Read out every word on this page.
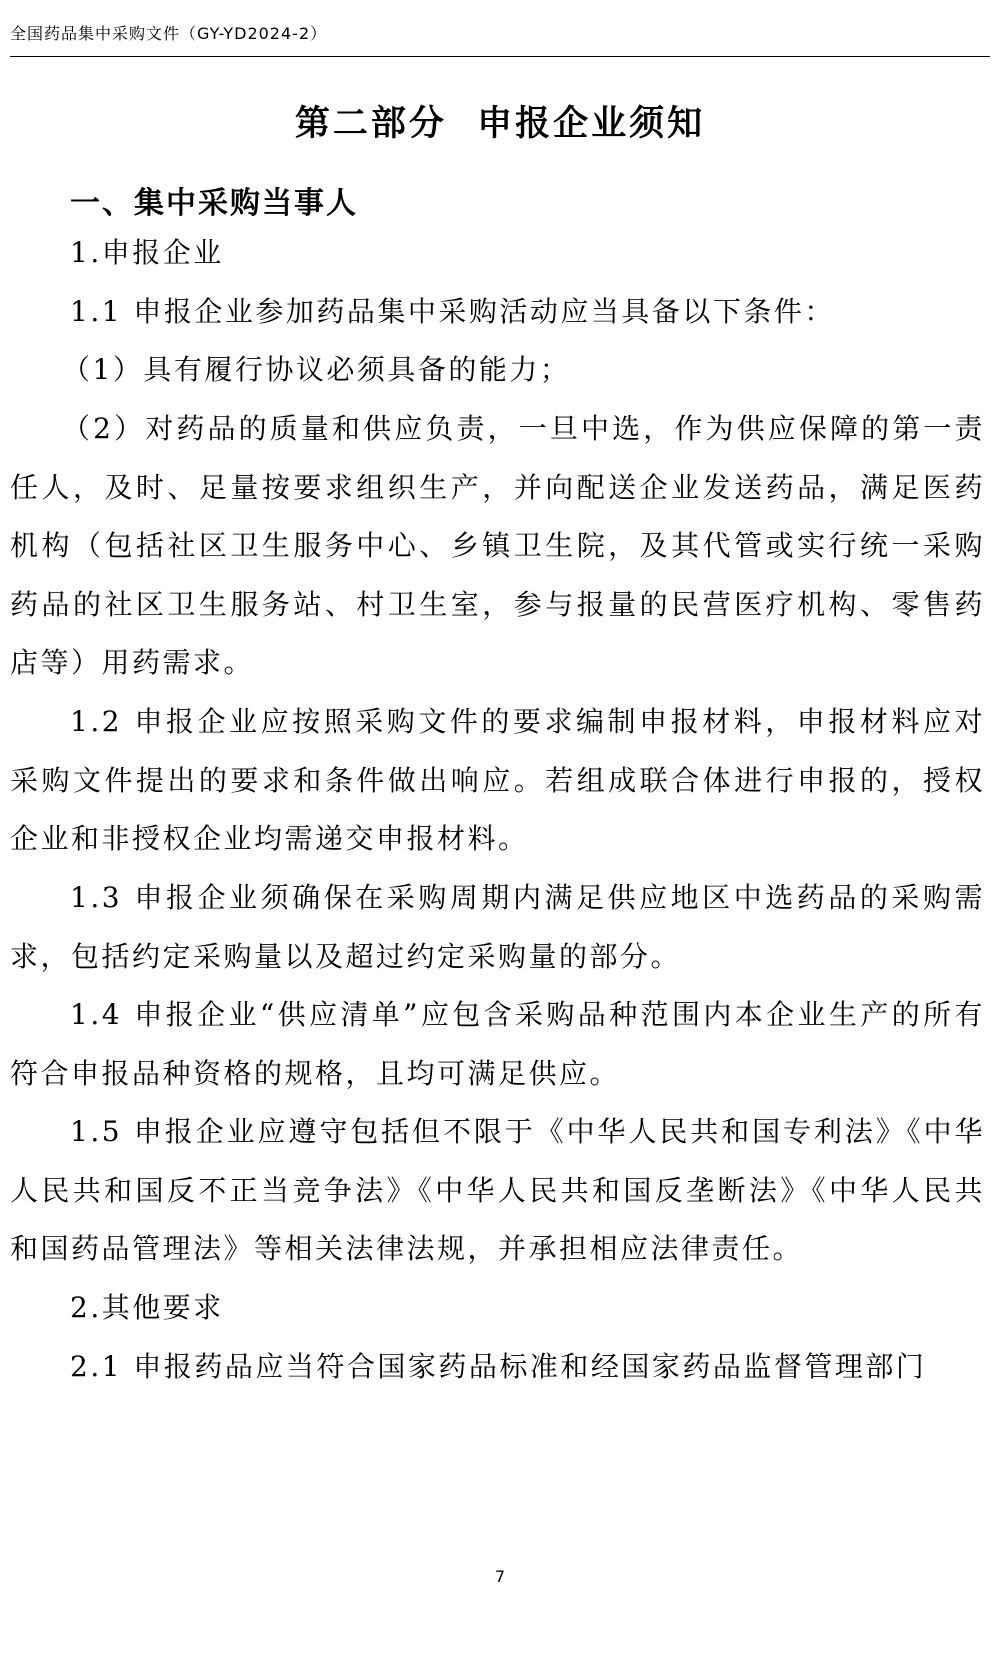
全国药品集中采购文件（GY-YD2024-2）
第二部分  申报企业须知
一、集中采购当事人

1.申报企业

1.1 申报企业参加药品集中采购活动应当具备以下条件：

（1）具有履行协议必须具备的能力；

（2）对药品的质量和供应负责，一旦中选，作为供应保障的第一责任人，及时、足量按要求组织生产，并向配送企业发送药品，满足医药机构（包括社区卫生服务中心、乡镇卫生院，及其代管或实行统一采购药品的社区卫生服务站、村卫生室，参与报量的民营医疗机构、零售药店等）用药需求。

1.2 申报企业应按照采购文件的要求编制申报材料，申报材料应对采购文件提出的要求和条件做出响应。若组成联合体进行申报的，授权企业和非授权企业均需递交申报材料。

1.3 申报企业须确保在采购周期内满足供应地区中选药品的采购需求，包括约定采购量以及超过约定采购量的部分。

1.4 申报企业“供应清单”应包含采购品种范围内本企业生产的所有符合申报品种资格的规格，且均可满足供应。

1.5 申报企业应遵守包括但不限于《中华人民共和国专利法》《中华人民共和国反不正当竞争法》《中华人民共和国反垄断法》《中华人民共和国药品管理法》等相关法律法规，并承担相应法律责任。

2.其他要求

2.1 申报药品应当符合国家药品标准和经国家药品监督管理部门

7
